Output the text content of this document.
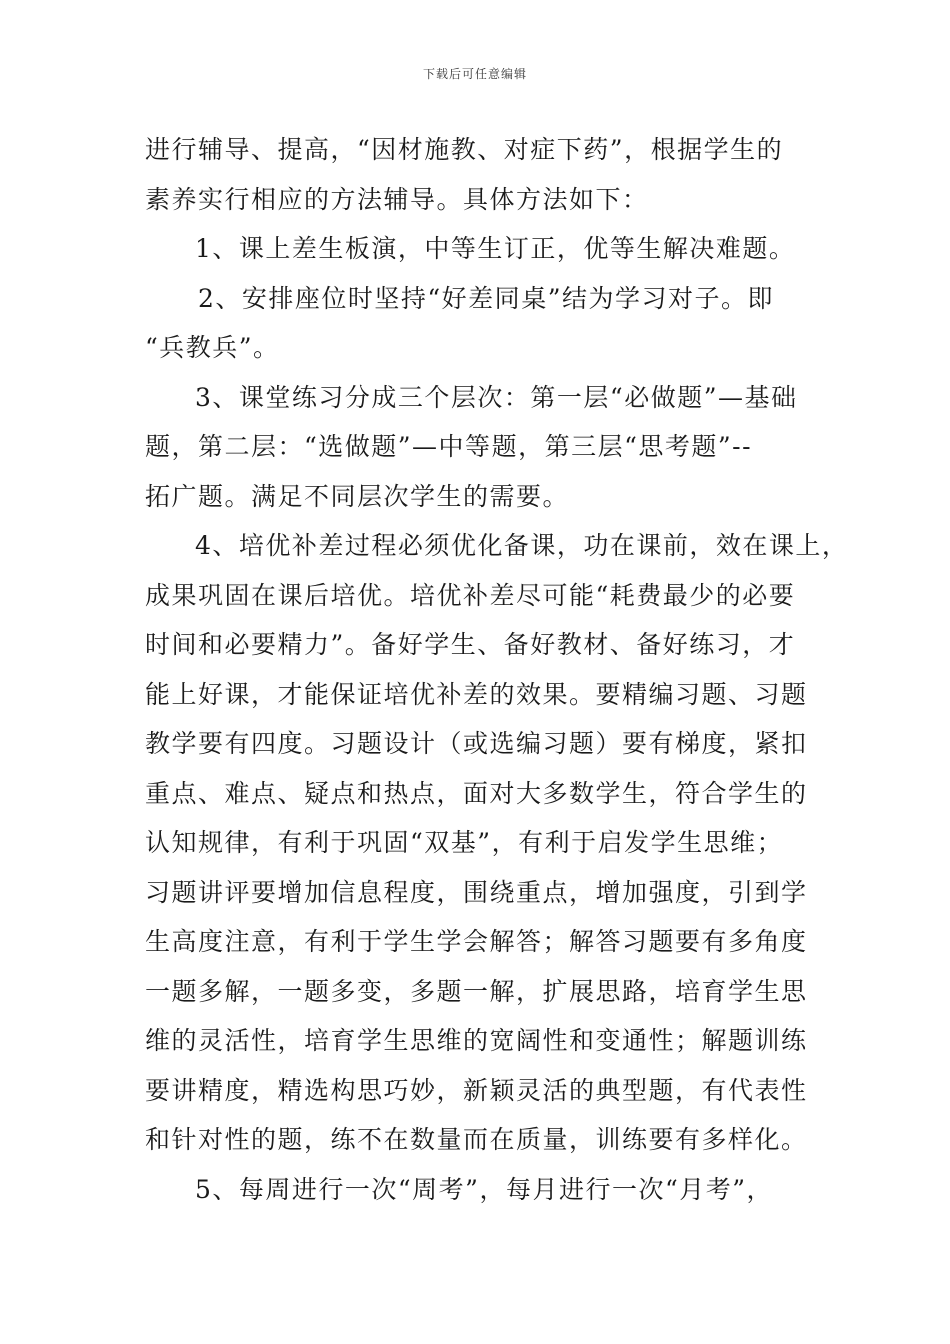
下载后可任意编辑
进行辅导、提高，“因材施教、对症下药”，根据学生的
素养实行相应的方法辅导。具体方法如下：
1、课上差生板演，中等生订正，优等生解决难题。
2、安排座位时坚持“好差同桌”结为学习对子。即
“兵教兵”。
3、课堂练习分成三个层次：第一层“必做题”—基础
题，第二层：“选做题”—中等题，第三层“思考题”--
拓广题。满足不同层次学生的需要。
4、培优补差过程必须优化备课，功在课前，效在课上，
成果巩固在课后培优。培优补差尽可能“耗费最少的必要
时间和必要精力”。备好学生、备好教材、备好练习，才
能上好课，才能保证培优补差的效果。要精编习题、习题
教学要有四度。习题设计（或选编习题）要有梯度，紧扣
重点、难点、疑点和热点，面对大多数学生，符合学生的
认知规律，有利于巩固“双基”，有利于启发学生思维；
习题讲评要增加信息程度，围绕重点，增加强度，引到学
生高度注意，有利于学生学会解答；解答习题要有多角度
一题多解，一题多变，多题一解，扩展思路，培育学生思
维的灵活性，培育学生思维的宽阔性和变通性；解题训练
要讲精度，精选构思巧妙，新颖灵活的典型题，有代表性
和针对性的题，练不在数量而在质量，训练要有多样化。
5、每周进行一次“周考”，每月进行一次“月考”，
